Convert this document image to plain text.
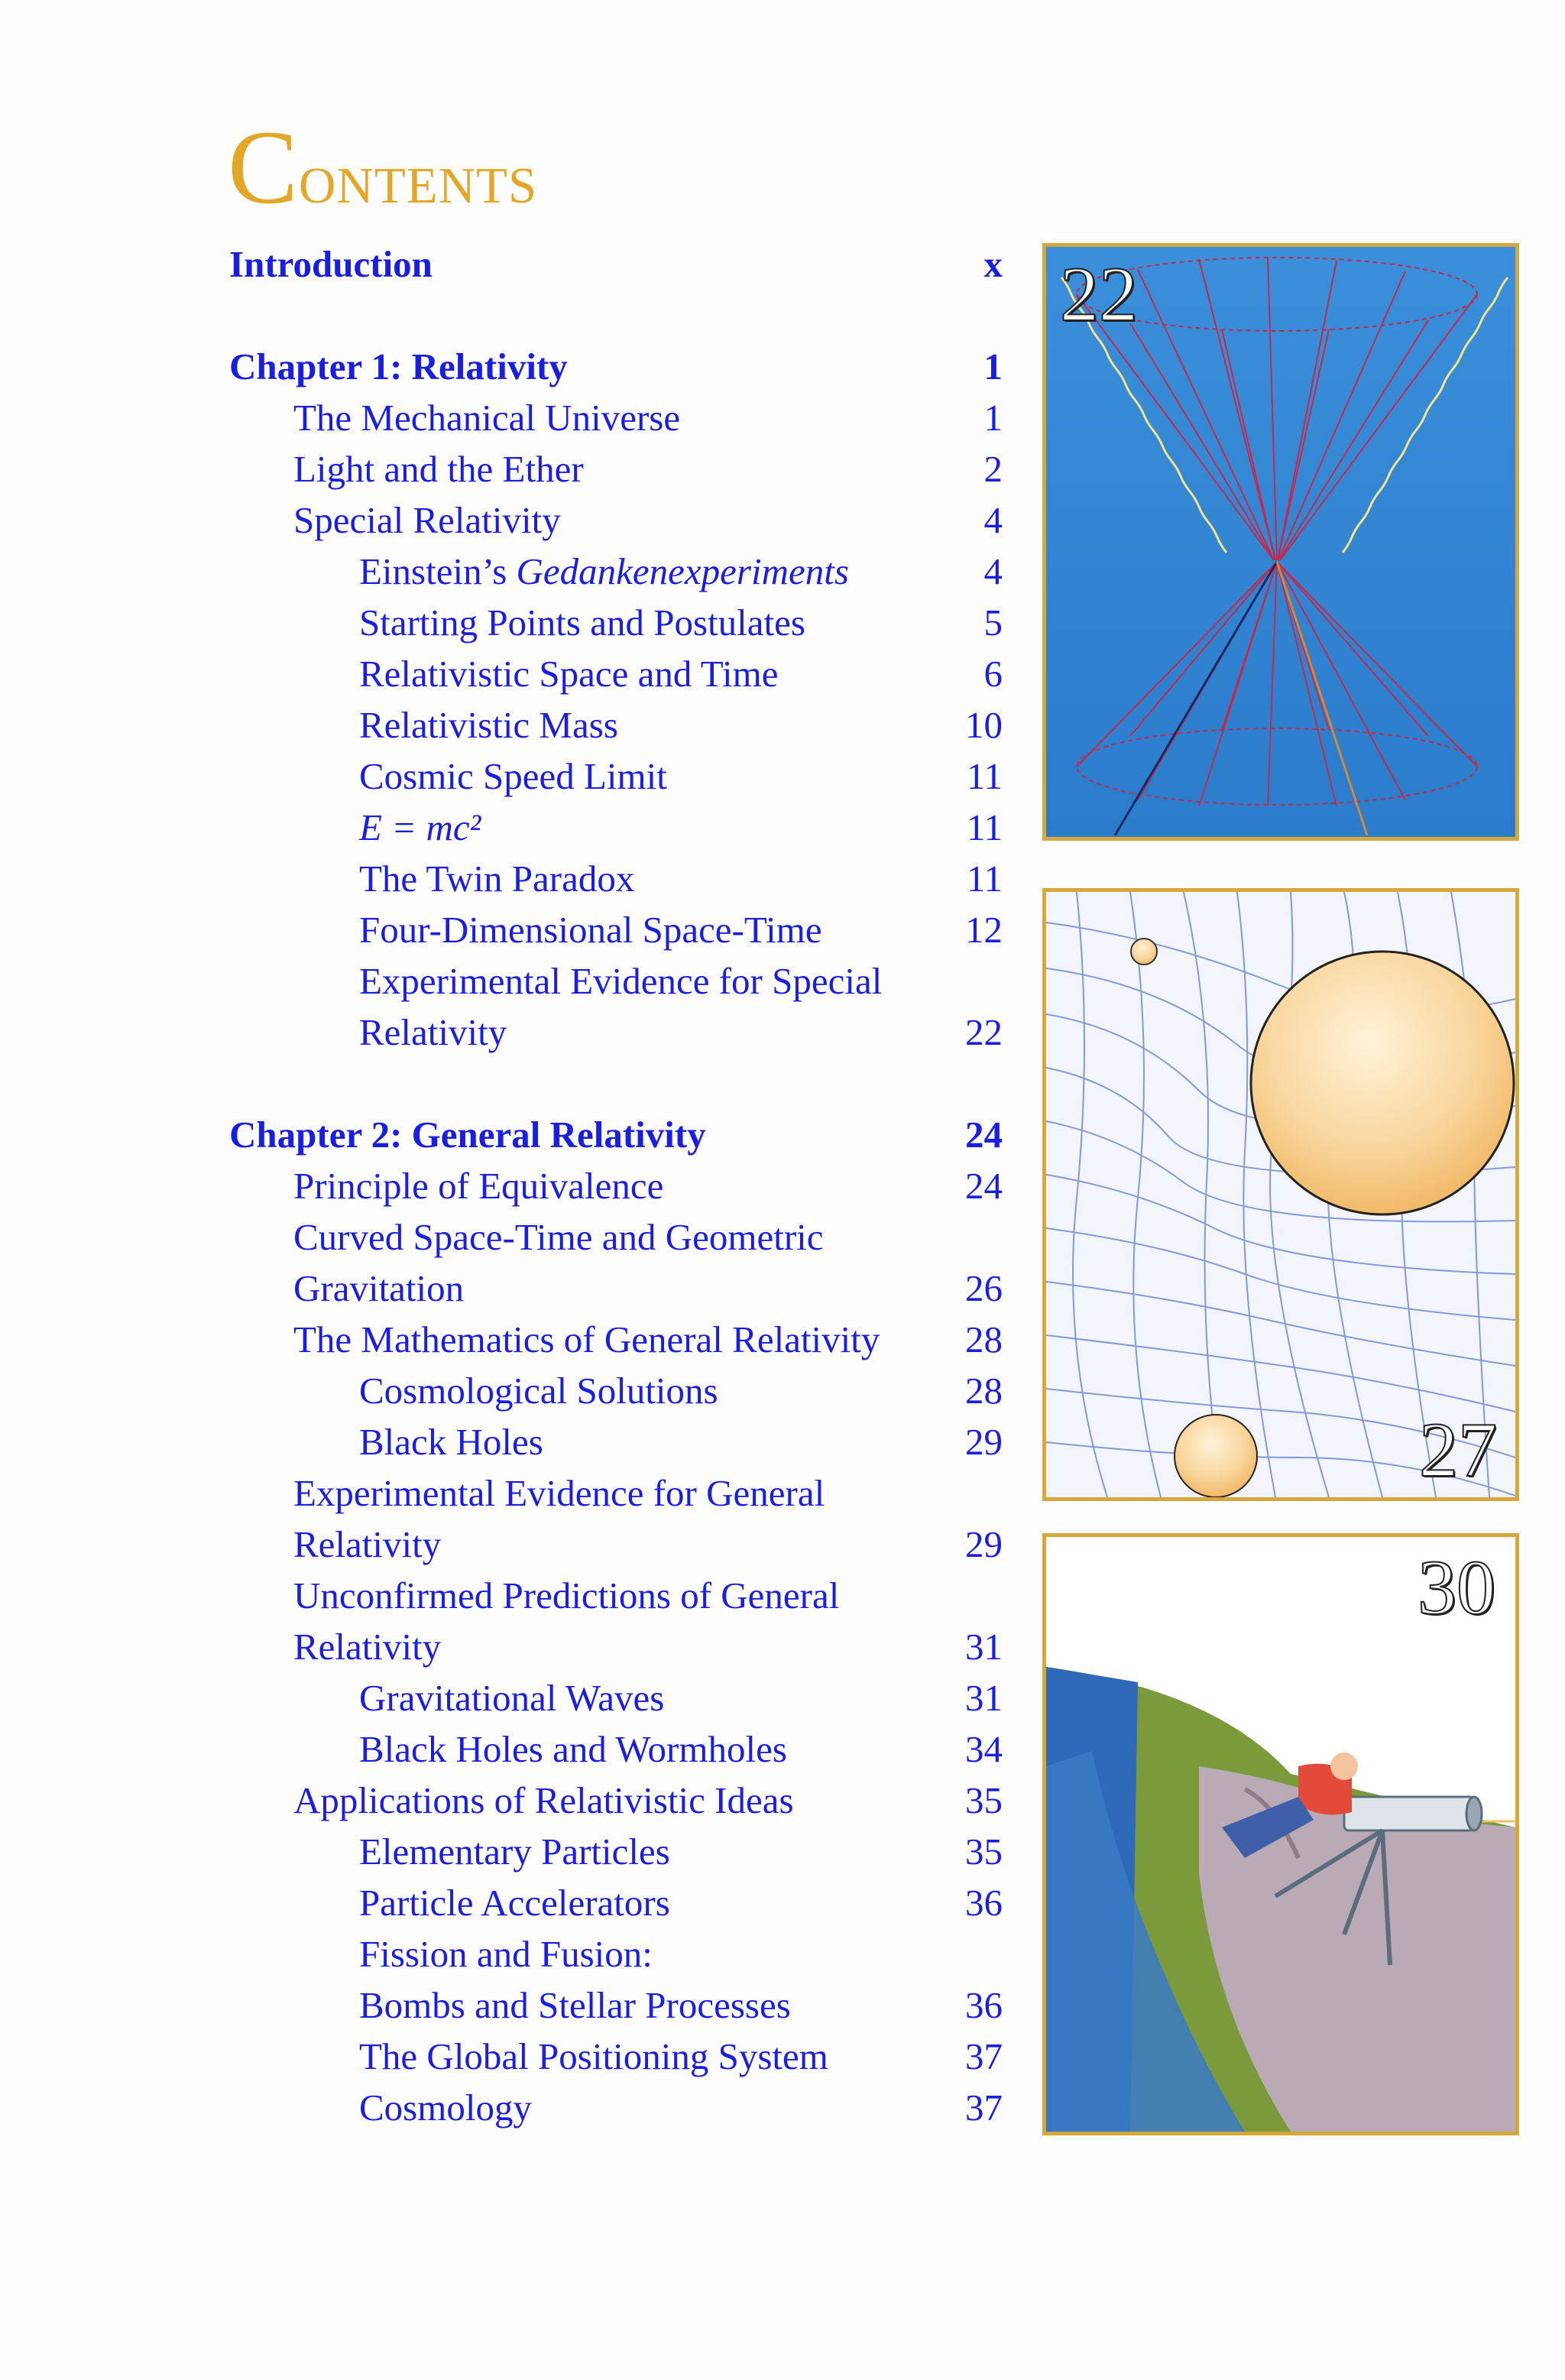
Contents
Introduction	x
Chapter 1: Relativity	1
The Mechanical Universe	1
Light and the Ether	2
Special Relativity	4
Einstein’s Gedankenexperiments	4
Starting Points and Postulates	5
Relativistic Space and Time	6
Relativistic Mass	10
Cosmic Speed Limit	11
E = mc²	11
The Twin Paradox	11
Four-Dimensional Space-Time	12
Experimental Evidence for Special
Relativity	22
Chapter 2: General Relativity	24
Principle of Equivalence	24
Curved Space-Time and Geometric
Gravitation	26
The Mathematics of General Relativity 28
Cosmological Solutions	28
Black Holes	29
Experimental Evidence for General
Relativity	29
Unconfirmed Predictions of General
Relativity	31
Gravitational Waves	31
Black Holes and Wormholes	34
Applications of Relativistic Ideas	35
Elementary Particles	35
Particle Accelerators	36
Fission and Fusion:
Bombs and Stellar Processes	36
The Global Positioning System	37
Cosmology	37
22
27
30
